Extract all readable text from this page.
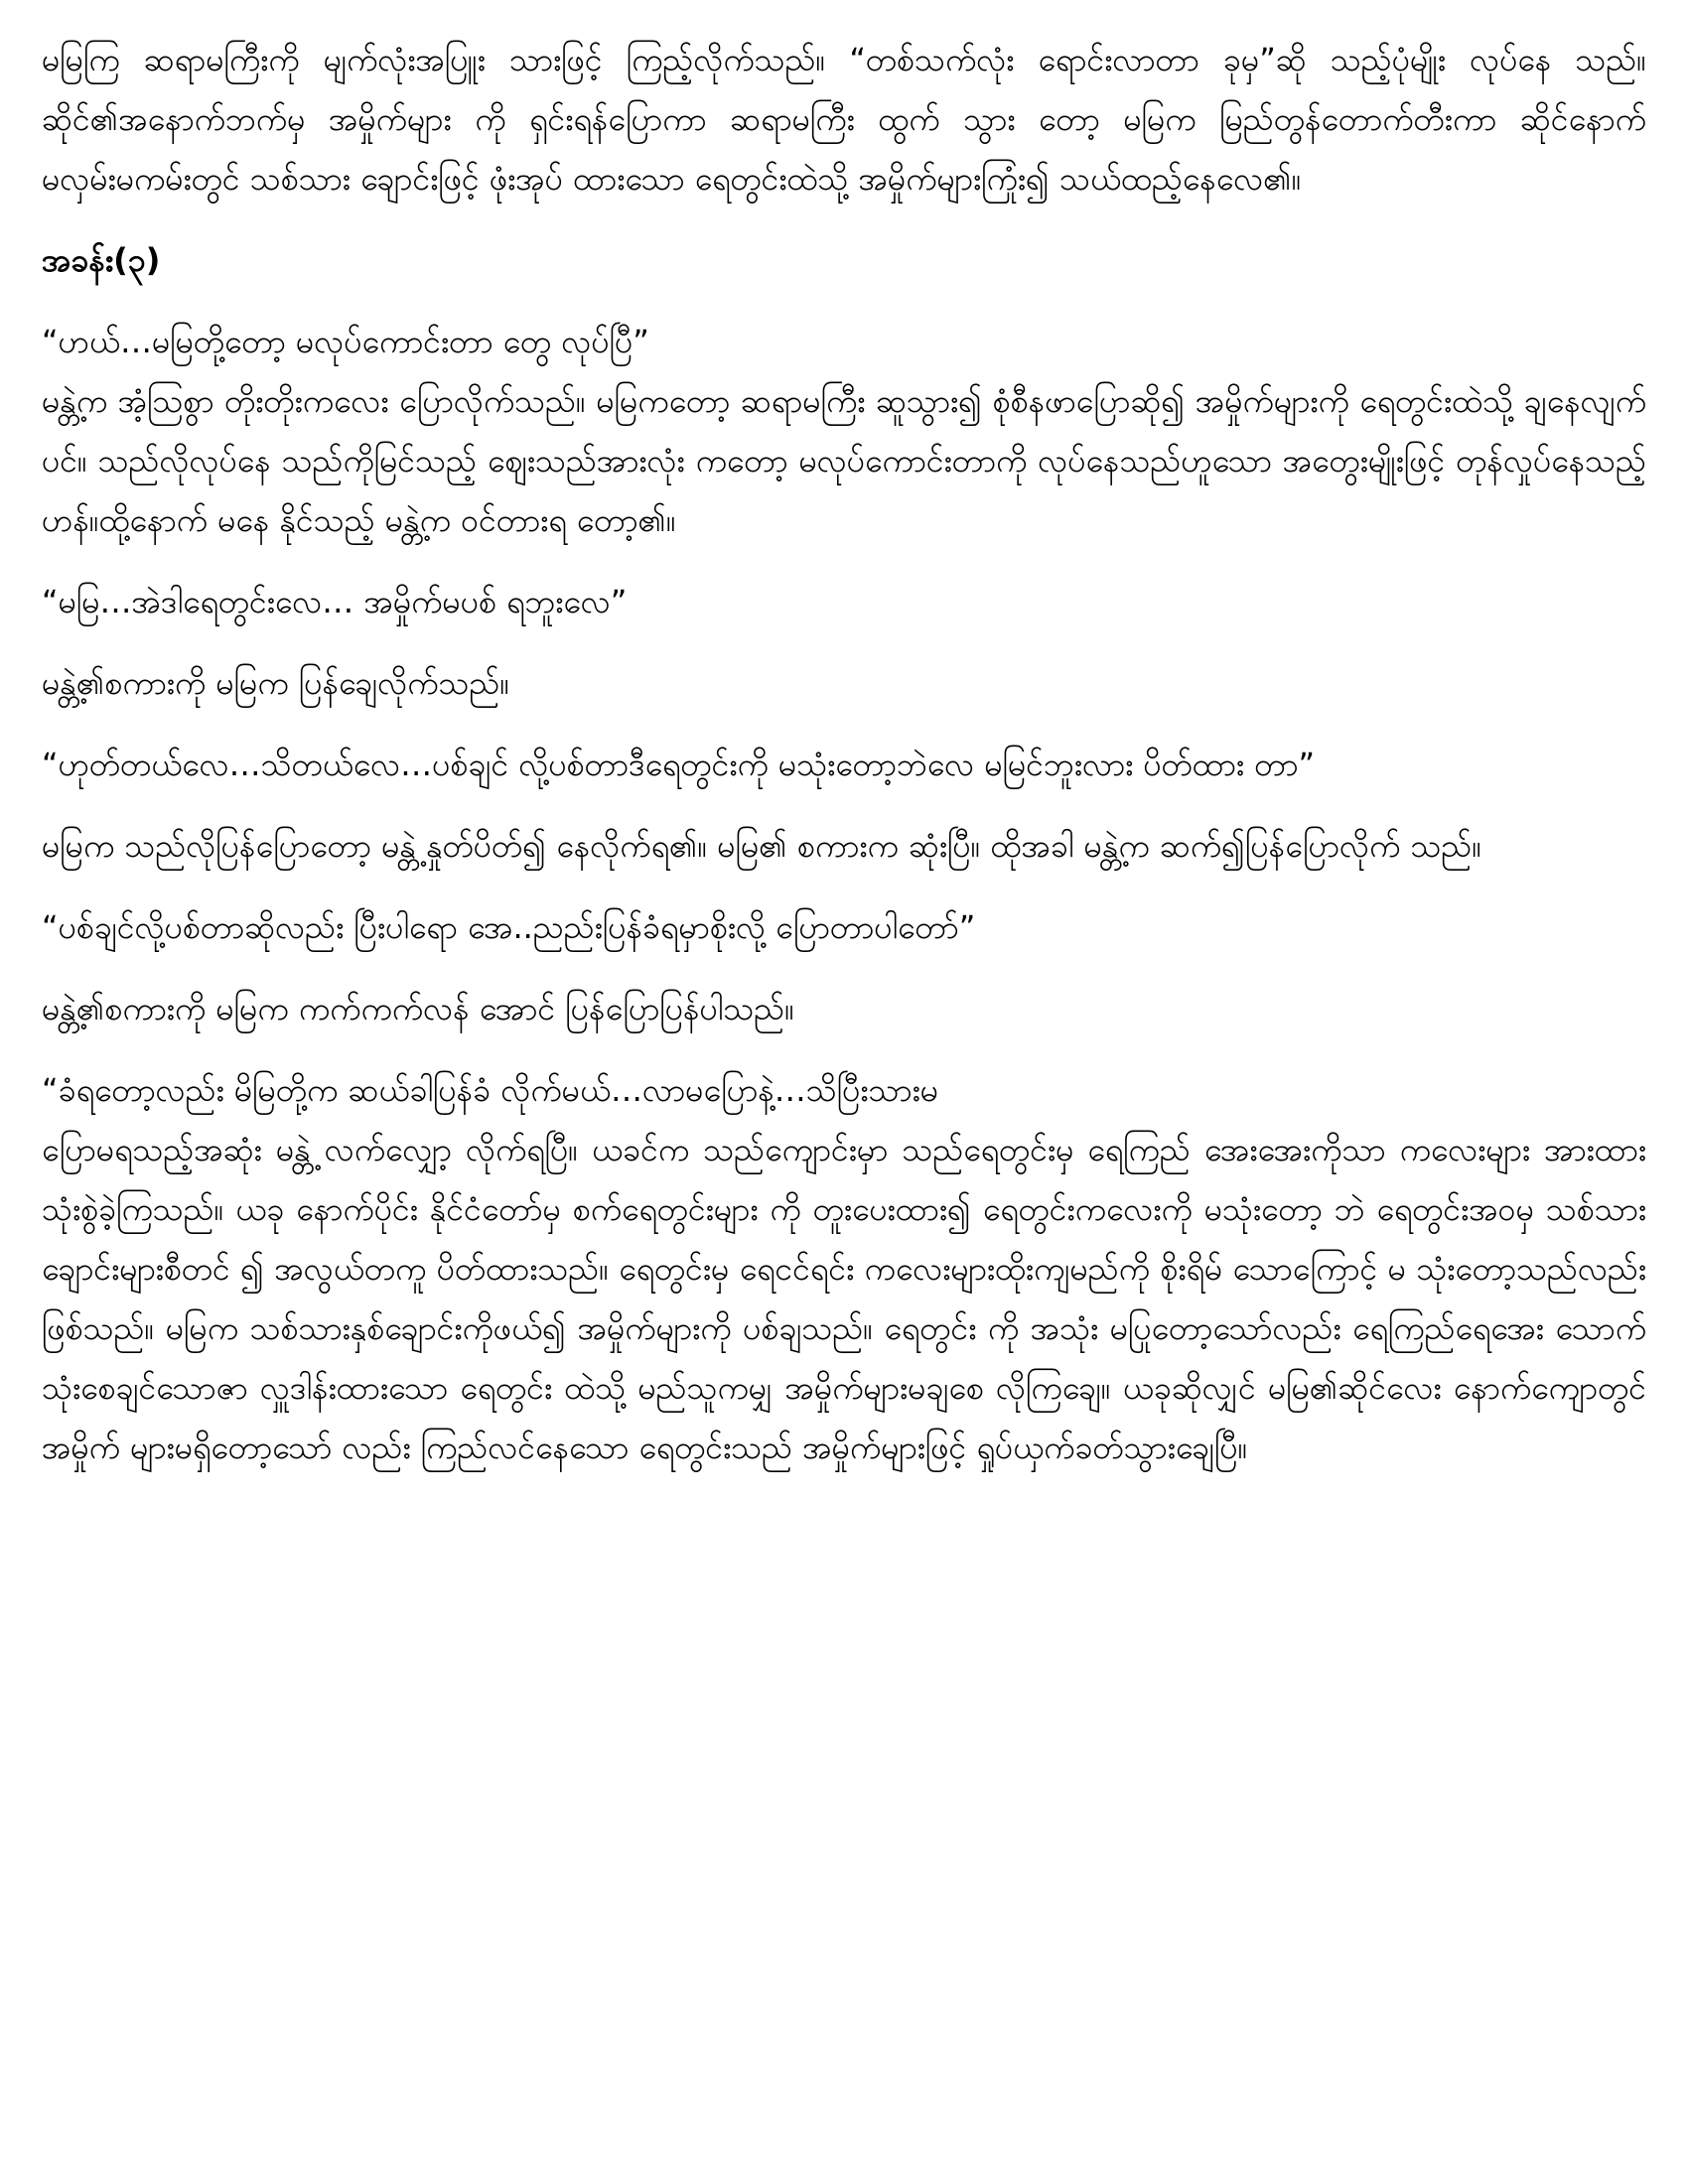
မမြကြ ဆရာမကြီးကို မျက်လုံးအပြူး သားဖြင့် ကြည့်လိုက်သည်။ “တစ်သက်လုံး ရောင်းလာတာ ခုမှ”ဆို သည့်ပုံမျိုး လုပ်နေ သည်။ ဆိုင်၏အနောက်ဘက်မှ အမှိုက်များ ကို ရှင်းရန်ပြောကာ ဆရာမကြီး ထွက် သွား တော့ မမြက မြည်တွန်တောက်တီးကာ ဆိုင်နောက် မလှမ်းမကမ်းတွင် သစ်သား ချောင်းဖြင့် ဖုံးအုပ် ထားသော ရေတွင်းထဲသို့ အမှိုက်များကြုံး၍ သယ်ထည့်နေလေ၏။

အခန်း(၃)

“ဟယ်…မမြတို့တော့ မလုပ်ကောင်းတာ တွေ လုပ်ပြီ”

မန္တဲ့က အံ့ဩစွာ တိုးတိုးကလေး ပြောလိုက်သည်။ မမြကတော့ ဆရာမကြီး ဆူသွား၍ စုံစီနဖာပြောဆို၍ အမှိုက်များကို ရေတွင်းထဲသို့ ချနေလျက်ပင်။ သည်လိုလုပ်နေ သည်ကိုမြင်သည့် ဈေးသည်အားလုံး ကတော့ မလုပ်ကောင်းတာကို လုပ်နေသည်ဟူသော အတွေးမျိုးဖြင့် တုန်လှုပ်နေသည့်ဟန်။ထို့နောက် မနေ နိုင်သည့် မန္တဲ့က ဝင်တားရ တော့၏။

“မမြ…အဲဒါရေတွင်းလေ… အမှိုက်မပစ် ရဘူးလေ”

မန္တဲ့၏စကားကို မမြက ပြန်ချေလိုက်သည်။

“ဟုတ်တယ်လေ…သိတယ်လေ…ပစ်ချင် လို့ပစ်တာဒီရေတွင်းကို မသုံးတော့ဘဲလေ မမြင်ဘူးလား ပိတ်ထား တာ”

မမြက သည်လိုပြန်ပြောတော့ မန္တဲ့ နှုတ်ပိတ်၍ နေလိုက်ရ၏။ မမြ၏ စကားက ဆုံးပြီ။ ထိုအခါ မန္တဲ့က ဆက်၍ပြန်ပြောလိုက် သည်။

“ပစ်ချင်လို့ပစ်တာဆိုလည်း ပြီးပါရော အေ..ညည်းပြန်ခံရမှာစိုးလို့ ပြောတာပါတော်”

မန္တဲ့၏စကားကို မမြက ကက်ကက်လန် အောင် ပြန်ပြောပြန်ပါသည်။

“ခံရတော့လည်း မိမြတို့က ဆယ်ခါပြန်ခံ လိုက်မယ်…လာမပြောနဲ့…သိပြီးသားမ

ပြောမရသည့်အဆုံး မန္တဲ့ လက်လျှော့ လိုက်ရပြီ။ ယခင်က သည်ကျောင်းမှာ သည်ရေတွင်းမှ ရေကြည် အေးအေးကိုသာ ကလေးများ အားထားသုံးစွဲခဲ့ကြသည်။ ယခု နောက်ပိုင်း နိုင်ငံတော်မှ စက်ရေတွင်းများ ကို တူးပေးထား၍ ရေတွင်းကလေးကို မသုံးတော့ ဘဲ ရေတွင်းအဝမှ သစ်သားချောင်းများစီတင် ၍ အလွယ်တကူ ပိတ်ထားသည်။ ရေတွင်းမှ ရေငင်ရင်း ကလေးများထိုးကျမည်ကို စိုးရိမ် သောကြောင့် မ သုံးတော့သည်လည်း ဖြစ်သည်။ မမြက သစ်သားနှစ်ချောင်းကိုဖယ်၍ အမှိုက်များကို ပစ်ချသည်။ ရေတွင်း ကို အသုံး မပြုတော့သော်လည်း ရေကြည်ရေအေး သောက်သုံးစေချင်သောဇာ လှူဒါန်းထားသော ရေတွင်း ထဲသို့ မည်သူကမျှ အမှိုက်များမချစေ လိုကြချေ။ ယခုဆိုလျှင် မမြ၏ဆိုင်လေး နောက်ကျောတွင် အမှိုက် များမရှိတော့သော် လည်း ကြည်လင်နေသော ရေတွင်းသည် အမှိုက်များဖြင့် ရှုပ်ယှက်ခတ်သွားချေပြီ။
